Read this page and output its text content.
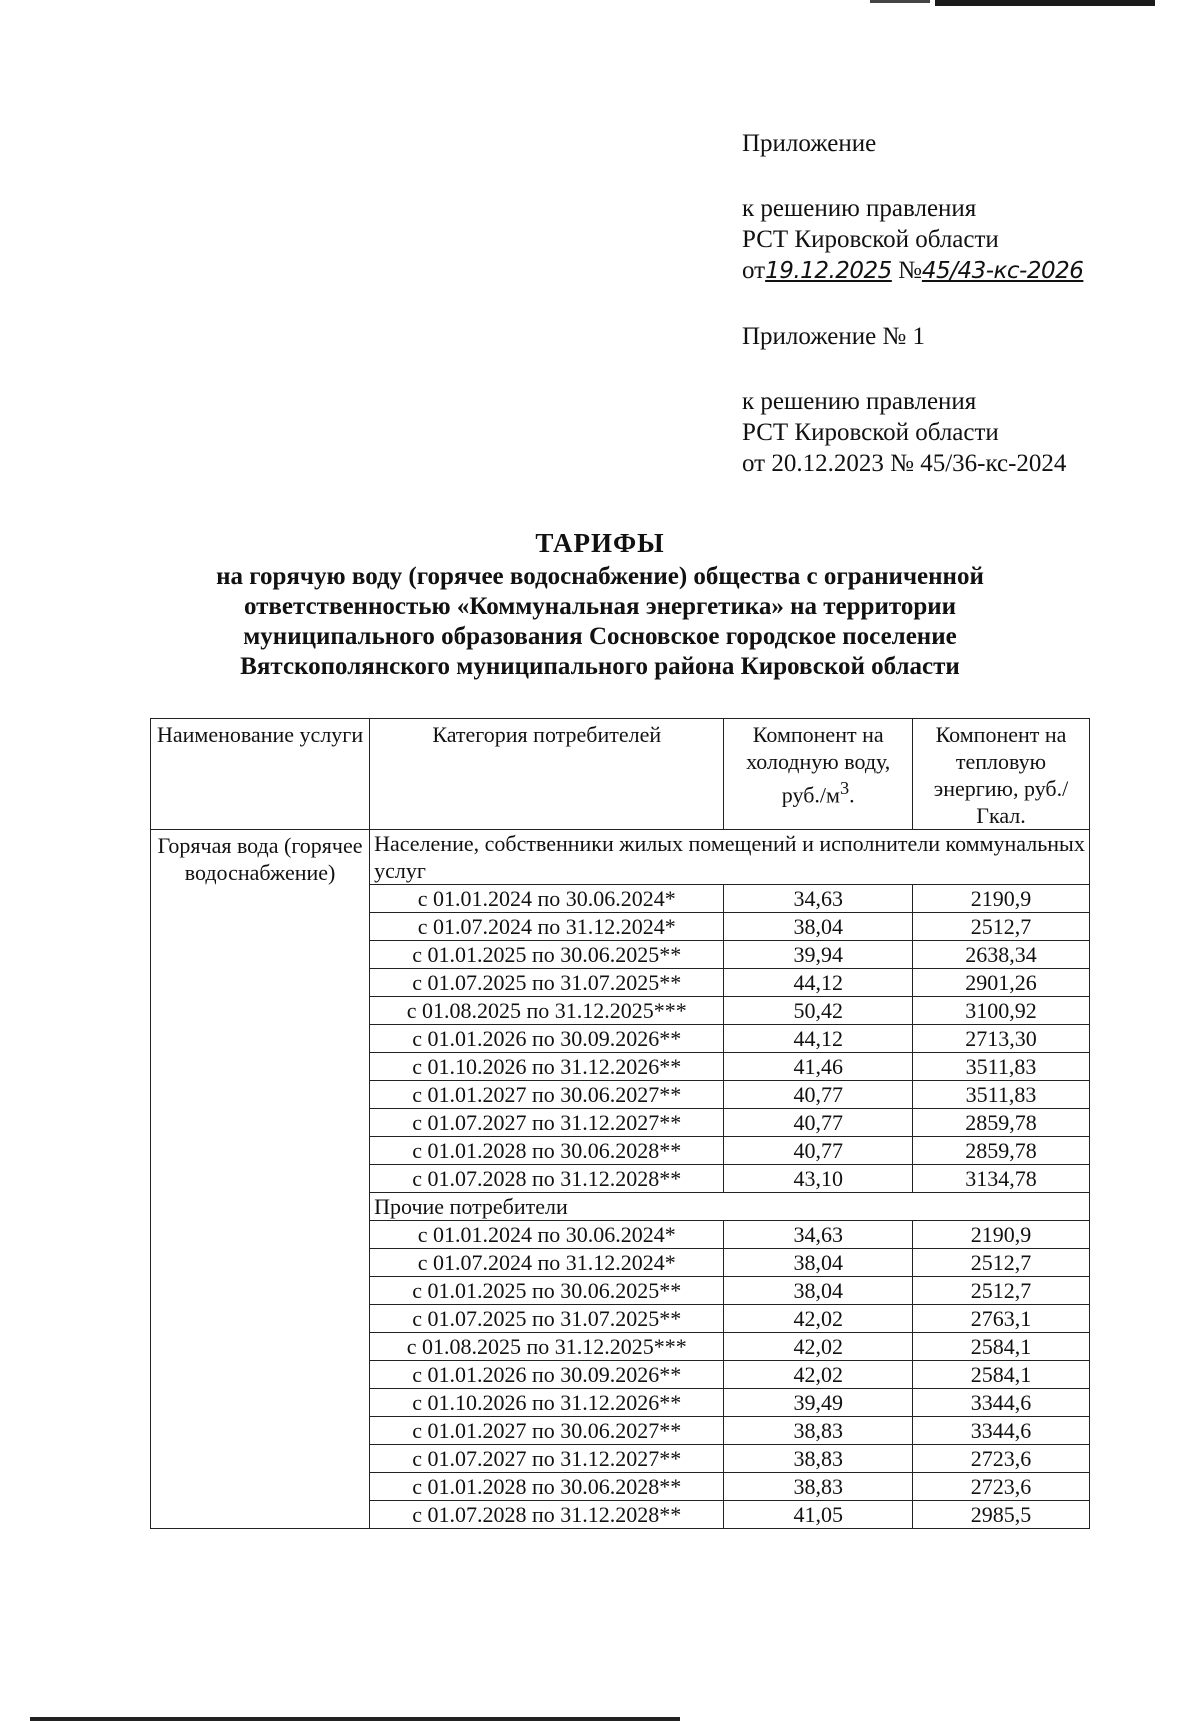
Приложение

к решению правления

РСТ Кировской области

от19.12.2025 №45/43-кс-2026

Приложение № 1

к решению правления

РСТ Кировской области

от 20.12.2023 № 45/36-кс-2024

ТАРИФЫ
на горячую воду (горячее водоснабжение) общества с ограниченной
ответственностью «Коммунальная энергетика» на территории
муниципального образования Сосновское городское поселение
Вятскополянского муниципального района Кировской области
Наименование услуги	Категория потребителей	Компонент на холодную воду, $руб./м^3$.	Компонент на тепловую энергию, руб./Гкал.
Горячая вода (горячее водоснабжение)	Население, собственники жилых помещений и исполнители коммунальных услуг		
	с 01.01.2024 по 30.06.2024*	34,63	2190,9
	с 01.07.2024 по 31.12.2024*	38,04	2512,7
	с 01.01.2025 по 30.06.2025**	39,94	2638,34
	с 01.07.2025 по 31.07.2025**	44,12	2901,26
	с 01.08.2025 по 31.12.2025***	50,42	3100,92
	с 01.01.2026 по 30.09.2026**	44,12	2713,30
	с 01.10.2026 по 31.12.2026**	41,46	3511,83
	с 01.01.2027 по 30.06.2027**	40,77	3511,83
	с 01.07.2027 по 31.12.2027**	40,77	2859,78
	с 01.01.2028 по 30.06.2028**	40,77	2859,78
	с 01.07.2028 по 31.12.2028**	43,10	3134,78
	Прочие потребители		
	с 01.01.2024 по 30.06.2024*	34,63	2190,9
	с 01.07.2024 по 31.12.2024*	38,04	2512,7
	с 01.01.2025 по 30.06.2025**	38,04	2512,7
	с 01.07.2025 по 31.07.2025**	42,02	2763,1
	с 01.08.2025 по 31.12.2025***	42,02	2584,1
	с 01.01.2026 по 30.09.2026**	42,02	2584,1
	с 01.10.2026 по 31.12.2026**	39,49	3344,6
	с 01.01.2027 по 30.06.2027**	38,83	3344,6
	с 01.07.2027 по 31.12.2027**	38,83	2723,6
	с 01.01.2028 по 30.06.2028**	38,83	2723,6
	с 01.07.2028 по 31.12.2028**	41,05	2985,5
